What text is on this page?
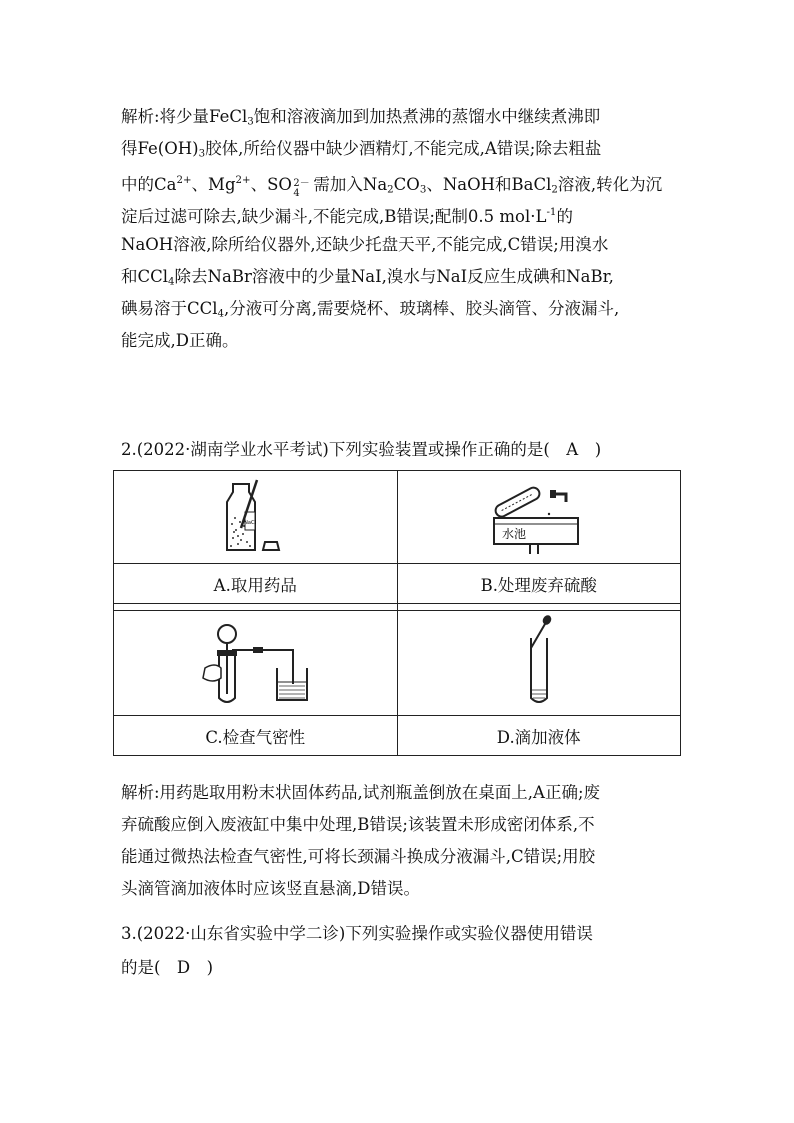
解析:将少量FeCl$_3$饱和溶液滴加到加热煮沸的蒸馏水中继续煮沸即
得$Fe(OH)_3$胶体,所给仪器中缺少酒精灯,不能完成,A错误;除去粗盐
中的$Ca^{2+}$、$Mg^{2+}$、SO 2－
4 需加入$Na_2CO_3$、NaOH和BaCl$_2$溶液,转化为沉
淀后过滤可除去,缺少漏斗,不能完成,B错误;配制0.5 $mol\cdot L^{-1}$的
NaOH溶液,除所给仪器外,还缺少托盘天平,不能完成,C错误;用溴水
和CCl$_4$除去NaBr溶液中的少量NaI,溴水与NaI反应生成碘和NaBr,
碘易溶于CCl$_4$,分液可分离,需要烧杯、玻璃棒、胶头滴管、分液漏斗,
能完成,D正确。
2.(2022·湖南学业水平考试)下列实验装置或操作正确的是(　A　)
NaCl	水池

A.取用药品	B.处理废弃硫酸

C.检查气密性	D.滴加液体
解析:用药匙取用粉末状固体药品,试剂瓶盖倒放在桌面上,A正确;废
弃硫酸应倒入废液缸中集中处理,B错误;该装置未形成密闭体系,不
能通过微热法检查气密性,可将长颈漏斗换成分液漏斗,C错误;用胶
头滴管滴加液体时应该竖直悬滴,D错误。
3.(2022·山东省实验中学二诊)下列实验操作或实验仪器使用错误
的是(　D　)
